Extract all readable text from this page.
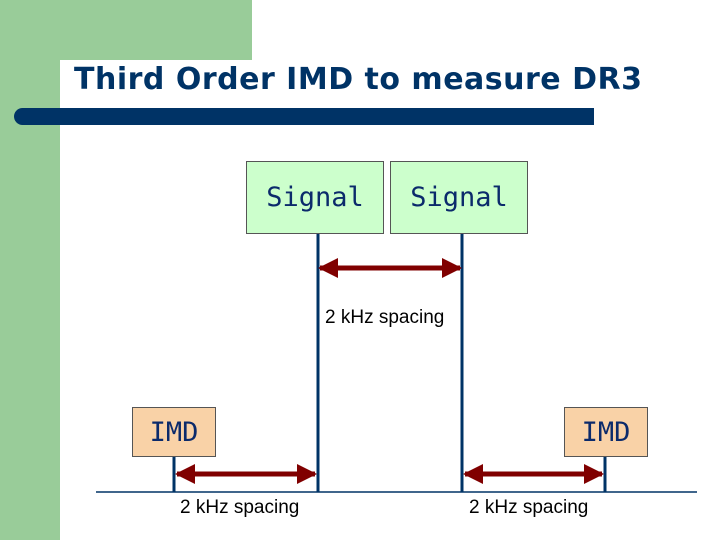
Third Order IMD to measure DR3
Signal	Signal
IMD	IMD
2 kHz spacing
2 kHz spacing	2 kHz spacing
